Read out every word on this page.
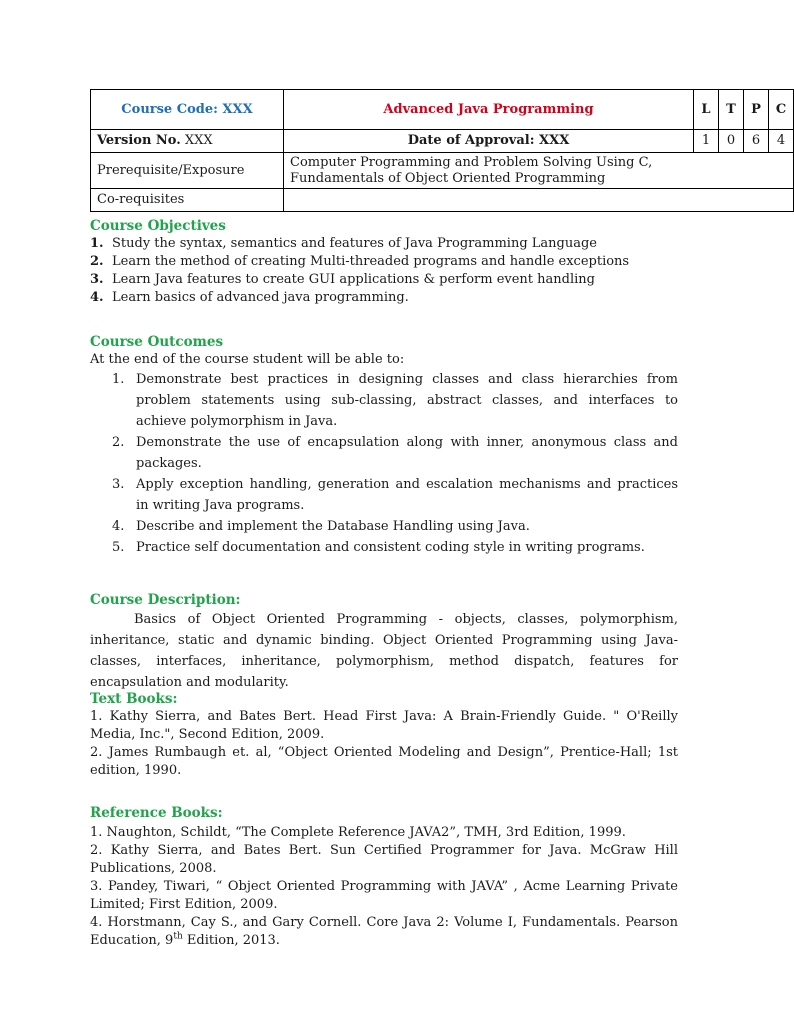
Course Code: XXX	Advanced Java Programming	L	T	P	C
Version No. XXX	Date of Approval: XXX	1	0	6	4
Prerequisite/Exposure	Computer Programming and Problem Solving Using C,
Fundamentals of Object Oriented Programming				
Co-requisites					
Course Objectives
1. Study the syntax, semantics and features of Java Programming Language
2. Learn the method of creating Multi-threaded programs and handle exceptions
3. Learn Java features to create GUI applications & perform event handling
4. Learn basics of advanced java programming.
Course Outcomes
At the end of the course student will be able to:
1. Demonstrate best practices in designing classes and class hierarchies from problem statements using sub-classing, abstract classes, and interfaces to achieve polymorphism in Java.
2. Demonstrate the use of encapsulation along with inner, anonymous class and packages.
3. Apply exception handling, generation and escalation mechanisms and practices in writing Java programs.
4. Describe and implement the Database Handling using Java.
5. Practice self documentation and consistent coding style in writing programs.
Course Description:
Basics of Object Oriented Programming - objects, classes, polymorphism, inheritance, static and dynamic binding. Object Oriented Programming using Java-classes, interfaces, inheritance, polymorphism, method dispatch, features for encapsulation and modularity.
Text Books:

1. Kathy Sierra, and Bates Bert. Head First Java: A Brain-Friendly Guide. " O'Reilly Media, Inc.", Second Edition, 2009.

2. James Rumbaugh et. al, “Object Oriented Modeling and Design”, Prentice-Hall; 1st edition, 1990.

Reference Books:

1. Naughton, Schildt, “The Complete Reference JAVA2”, TMH, 3rd Edition, 1999.

2. Kathy Sierra, and Bates Bert. Sun Certified Programmer for Java. McGraw Hill Publications, 2008.

3. Pandey, Tiwari, “ Object Oriented Programming with JAVA” , Acme Learning Private Limited; First Edition, 2009.

4. Horstmann, Cay S., and Gary Cornell. Core Java 2: Volume I, Fundamentals. Pearson Education, 9th Edition, 2013.
